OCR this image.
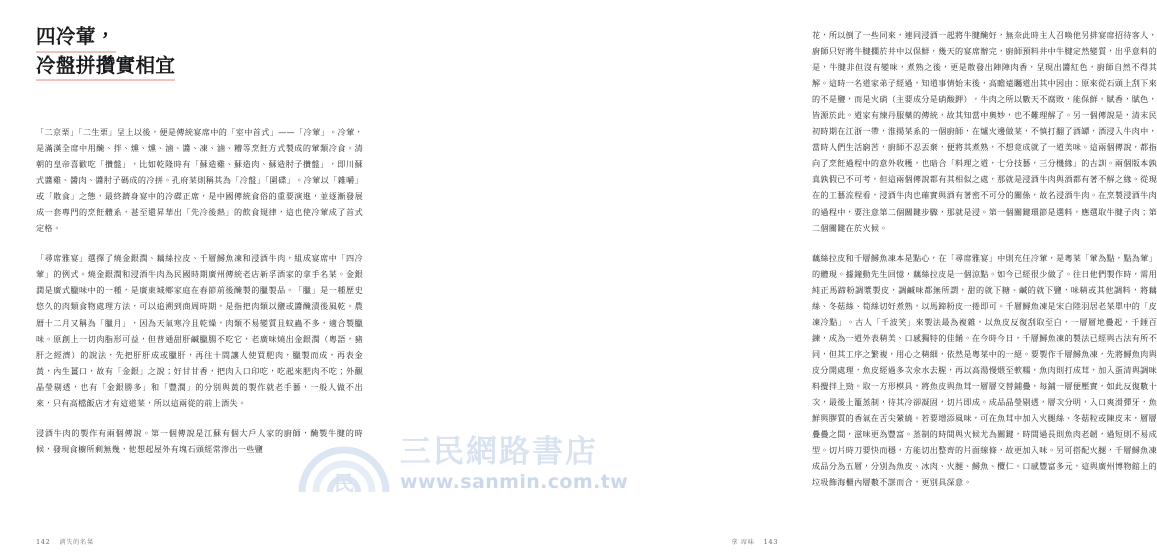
四冷葷，
冷盤拼攢實相宜

「二京栗」「二生栗」呈上以後，便是傳統宴席中的「室中首式」——「冷葷」。冷葷，是滿漢全席中用醃、拌、燻、燻、滷、醬、凍、滷、糟等烹飪方式製成的葷類冷食。清朝的皇帝喜歡吃「攢盤」，比如乾隆時有「蘇造雞、蘇造肉、蘇造肘子攢盤」，即川蘇式醬雞、醬肉、醬肘子碼成的冷拼。孔府菜則稱其為「冷盤」「圍碟」。冷葷以「雜嚼」或「散食」之態，最終躋身宴中的冷碟正席，是中國傳統食俗的重要演進，並逐漸發展成一套專門的烹飪體系，甚至還昇華出「先冷後熱」的飲食規律，這也使冷葷成了首式定格。

「尋席雅宴」選擇了燒金銀潤、藕絲拉皮、千層鱘魚凍和浸酒牛肉，組成宴席中「四冷葷」的例式。燒金銀潤和浸酒牛肉為民國時期廣州傳統老店新孚酒家的拿手名菜。金銀潤是廣式臘味中的一種，是廣東城鄉家庭在春節前後醃製的臘製品。「臘」是一種歷史悠久的肉類食物處理方法，可以追溯到商周時期，是指把肉類以鹽或醬醃漬後風乾。農曆十二月又稱為「臘月」，因為天氣寒冷且乾燥，肉類不易變質且蚊蟲不多，適合製臘味。原創上一切肉脂形可益，但普通甜肝鹹臘腸不吃它，老廣味燒出金銀潤（粵語，豬肝之經濟）的說法，先把肝肝成或臘肝，再往十間讓人使買肥肉，臘製而成，再表金黃，內生薑口，故有「金銀」之說；好甘甘香，把肉入口印吃，吃起來肥肉不吃；外觀晶瑩剔透，也有「金銀勝多」和「豐潤」的分別與黃的製作就老手藝，一般人做不出來，只有高檔飯店才有這道菜，所以這兩從的前上酒失。

浸酒牛肉的製作有兩個傳說。第一個傳說是江蘇有個大戶人家的廚師，醃製牛腱的時候，發現食櫥所剩無幾，他想起屋外有塊石頭經常滲出一些鹽

142 消失的名菜

花，所以倒了一些同來，連同浸酒一起將牛腱醃好，無奈此時主人召喚他另排宴席招待客人，廚師只好將牛腱擱於井中以保鮮，幾天的宴席辦完，廚師預料井中牛腱定然變質，出乎意料的是，牛腱非但沒有變味，煮熟之後，更是散發出陣陣肉香，呈現出醬紅色，廚師自然不得其解。這時一名道家弟子經過，知道事情始末後，高瞻遠矚道出其中因由：原來從石頭上刮下來的不是鹽，而是火硝（主要成分是硝酸鉀），牛肉之所以數天不腐敗，能保鮮，賦香，賦色，皆源於此。道家有煉丹服藥的傳統，故其知當中奧妙，也不難理解了。另一個傳說是，清末民初時期在江浙一帶，淮揚菜系的一個廚師，在爐火邊做菜，不慎打翻了酒罈，酒浸入牛肉中，當時人們生活窮苦，廚師不忍丟棄，便將其煮熟，不想竟成就了一道美味。這兩個傳說，都指向了烹飪過程中的意外收穫，也暗合「料理之道，七分技藝，三分機緣」的古訓。兩個版本孰真孰假已不可考，但這兩個傳說都有其相似之處，那就是浸酒牛肉與酒都有著不解之緣。從現在的工藝流程看，浸酒牛肉也確實與酒有著密不可分的關係，故名浸酒牛肉。在烹製浸酒牛肉的過程中，要注意第二個關鍵步驟，那就是浸。第一個關鍵環節是選料，應選取牛腱子肉；第二個關鍵在於火候。

藕絲拉皮和千層鱘魚凍本是點心，在「尋席雅宴」中則充任冷葷，是粵菜「葷為點，點為葷」的體現。據鐘動先生回憶，藕絲拉皮是一個涼點。如今已經很少做了。往日他們製作時，需用純正馬蹄粉調漿製皮，調鹹味都無所謂，甜的就下糖、鹹的就下鹽，味精或其他調料，將藕絲、冬菇絲、筍絲切好煮熟，以馬蹄粉皮一捲即可。千層鱘魚凍是宋白陸羽居老菜單中的「皮凍冷點」。古人「千波笑」來製法最為複雜，以魚皮反復刮取至白，一層層地疊起，千錘百鍊，成為一道外表精美、口感獨特的佳餚。在今時今日，千層鱘魚凍的製法已經與古法有所不同，但其工序之繁複，用心之精細，依然是粵菜中的一絕。要製作千層鱘魚凍，先將鱘魚肉與皮分開處理，魚皮經過多次氽水去腥，再以高湯慢煨至軟糯，魚肉則打成茸，加入蛋清與調味料攪拌上勁。取一方形模具，將魚皮與魚茸一層層交替鋪疊，每鋪一層便壓實，如此反復數十次，最後上籠蒸制，待其冷卻凝固，切片即成。成品晶瑩剔透，層次分明，入口爽滑彈牙，魚鮮與膠質的香氣在舌尖縈繞。若要增添風味，可在魚茸中加入火腿絲、冬菇粒或陳皮末，層層疊疊之間，滋味更為豐富。蒸制的時間與火候尤為關鍵，時間過長則魚肉老韌，過短則不易成型。切片時刀要快而穩，方能切出整齊的片面線條，故更加入味。另可搭配火腿，千層鱘魚凍成品分為五層，分別為魚皮、冰肉、火腿、鱘魚、欖仁。口感豐富多元，這與廣州博物館上的垃圾飾海櫃內層數不謀而合，更別具深意。

拿 席味 143
民
三民網路書店
www.sanmin.com.tw
